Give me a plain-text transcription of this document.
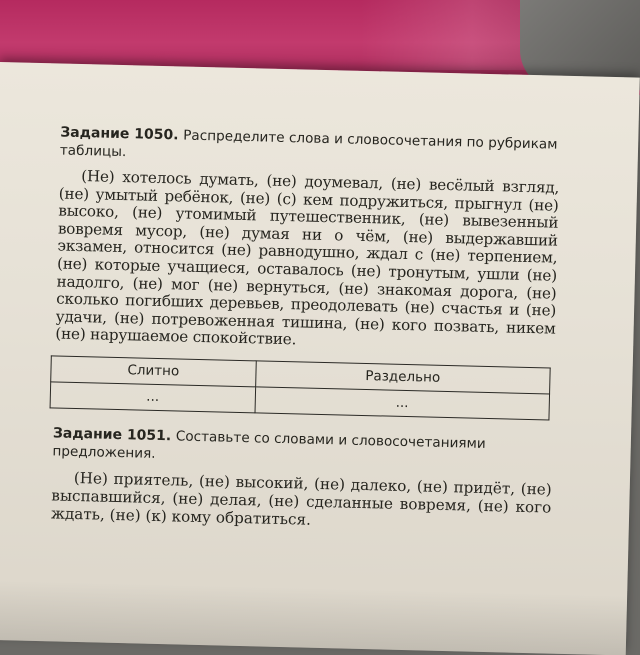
Задание 1050. Распределите слова и словосочетания по рубрикам таблицы.

(Не) хотелось думать, (не) доумевал, (не) весёлый взгляд, (не) умытый ребёнок, (не) (с) кем подружиться, прыгнул (не) высоко, (не) утомимый путешественник, (не) вывезенный вовремя мусор, (не) думая ни о чём, (не) выдержавший экзамен, относится (не) равнодушно, ждал с (не) терпением, (не) которые учащиеся, оставалось (не) тронутым, ушли (не) надолго, (не) мог (не) вернуться, (не) знакомая дорога, (не) сколько погибших деревьев, преодолевать (не) счастья и (не) удачи, (не) потревоженная тишина, (не) кого позвать, никем (не) нарушаемое спокойствие.

Слитно	Раздельно
...	...

Задание 1051. Составьте со словами и словосочетаниями предложения.

(Не) приятель, (не) высокий, (не) далеко, (не) придёт, (не) выспавшийся, (не) делая, (не) сделанные вовремя, (не) кого ждать, (не) (к) кому обратиться.
